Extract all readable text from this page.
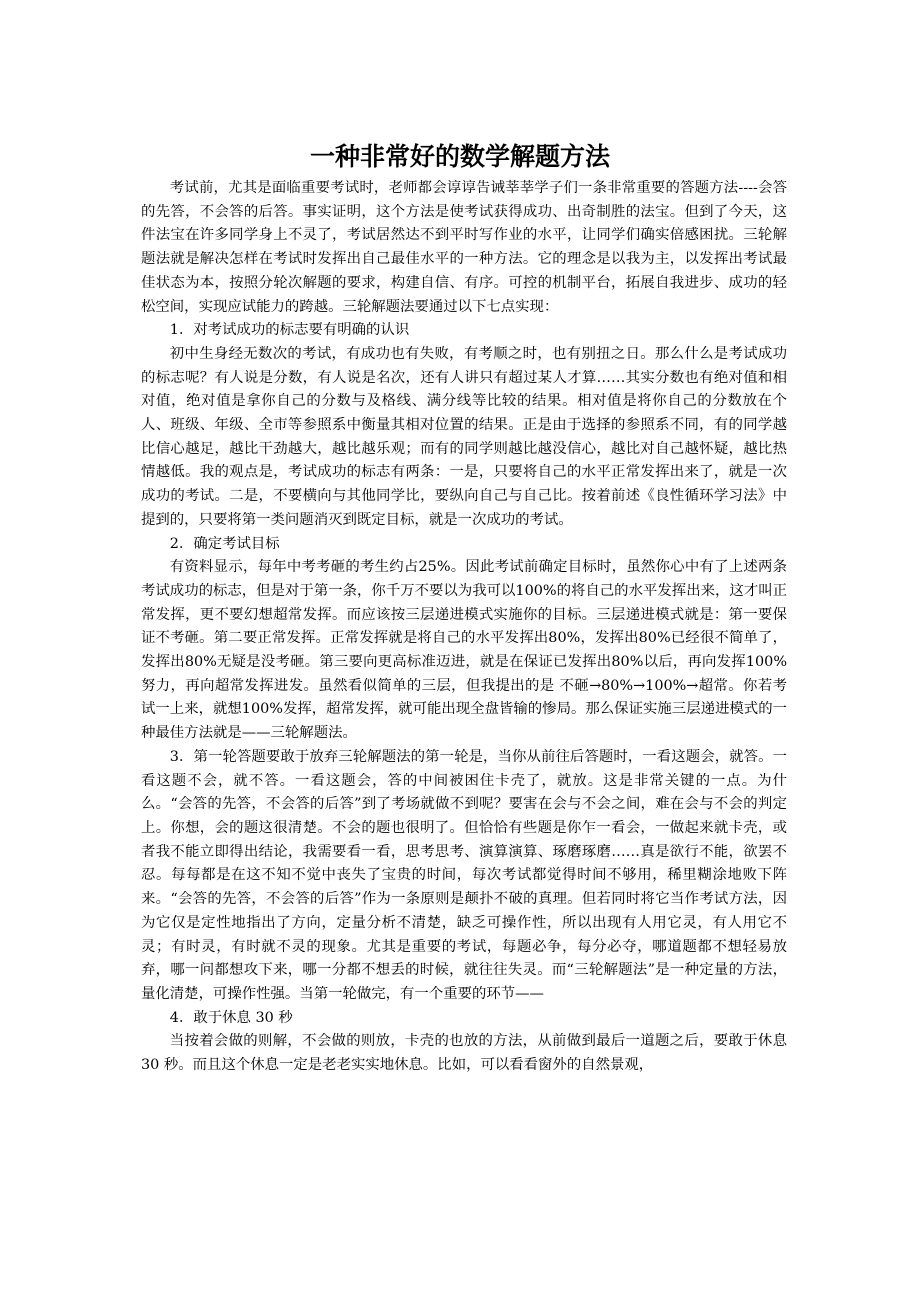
一种非常好的数学解题方法

考试前，尤其是面临重要考试时，老师都会谆谆告诫莘莘学子们一条非常重要的答题方法----会答的先答，不会答的后答。事实证明，这个方法是使考试获得成功、出奇制胜的法宝。但到了今天，这件法宝在许多同学身上不灵了，考试居然达不到平时写作业的水平，让同学们确实倍感困扰。三轮解题法就是解决怎样在考试时发挥出自己最佳水平的一种方法。它的理念是以我为主，以发挥出考试最佳状态为本，按照分轮次解题的要求，构建自信、有序。可控的机制平台，拓展自我进步、成功的轻松空间，实现应试能力的跨越。三轮解题法要通过以下七点实现：

1．对考试成功的标志要有明确的认识

初中生身经无数次的考试，有成功也有失败，有考顺之时，也有别扭之日。那么什么是考试成功的标志呢？有人说是分数，有人说是名次，还有人讲只有超过某人才算……其实分数也有绝对值和相对值，绝对值是拿你自己的分数与及格线、满分线等比较的结果。相对值是将你自己的分数放在个人、班级、年级、全市等参照系中衡量其相对位置的结果。正是由于选择的参照系不同，有的同学越比信心越足，越比干劲越大，越比越乐观；而有的同学则越比越没信心，越比对自己越怀疑，越比热情越低。我的观点是，考试成功的标志有两条：一是，只要将自己的水平正常发挥出来了，就是一次成功的考试。二是，不要横向与其他同学比，要纵向自己与自己比。按着前述《良性循环学习法》中提到的，只要将第一类问题消灭到既定目标，就是一次成功的考试。

2．确定考试目标

有资料显示，每年中考考砸的考生约占25%。因此考试前确定目标时，虽然你心中有了上述两条考试成功的标志，但是对于第一条，你千万不要以为我可以100%的将自己的水平发挥出来，这才叫正常发挥，更不要幻想超常发挥。而应该按三层递进模式实施你的目标。三层递进模式就是：第一要保证不考砸。第二要正常发挥。正常发挥就是将自己的水平发挥出80%，发挥出80%已经很不简单了，发挥出80%无疑是没考砸。第三要向更高标准迈进，就是在保证已发挥出80%以后，再向发挥100%努力，再向超常发挥进发。虽然看似简单的三层，但我提出的是 不砸→80%→100%→超常。你若考试一上来，就想100%发挥，超常发挥，就可能出现全盘皆输的惨局。那么保证实施三层递进模式的一种最佳方法就是——三轮解题法。

3．第一轮答题要敢于放弃三轮解题法的第一轮是，当你从前往后答题时，一看这题会，就答。一看这题不会，就不答。一看这题会，答的中间被困住卡壳了，就放。这是非常关键的一点。为什么。“会答的先答，不会答的后答”到了考场就做不到呢？要害在会与不会之间，难在会与不会的判定上。你想，会的题这很清楚。不会的题也很明了。但恰恰有些题是你乍一看会，一做起来就卡壳，或者我不能立即得出结论，我需要看一看，思考思考、演算演算、琢磨琢磨……真是欲行不能，欲罢不忍。每每都是在这不知不觉中丧失了宝贵的时间，每次考试都觉得时间不够用，稀里糊涂地败下阵来。“会答的先答，不会答的后答”作为一条原则是颠扑不破的真理。但若同时将它当作考试方法，因为它仅是定性地指出了方向，定量分析不清楚，缺乏可操作性，所以出现有人用它灵，有人用它不灵；有时灵，有时就不灵的现象。尤其是重要的考试，每题必争，每分必夺，哪道题都不想轻易放弃，哪一问都想攻下来，哪一分都不想丢的时候，就往往失灵。而“三轮解题法”是一种定量的方法，量化清楚，可操作性强。当第一轮做完，有一个重要的环节——

4．敢于休息 30 秒

当按着会做的则解，不会做的则放，卡壳的也放的方法，从前做到最后一道题之后，要敢于休息 30 秒。而且这个休息一定是老老实实地休息。比如，可以看看窗外的自然景观，
